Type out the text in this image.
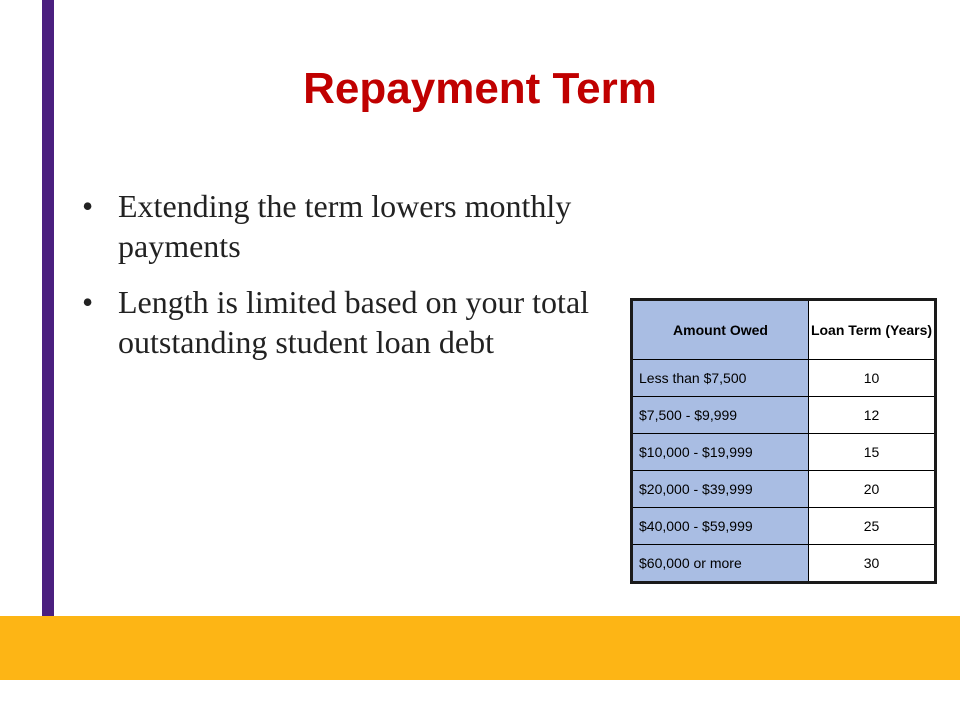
Repayment Term
• Extending the term lowers monthly payments
• Length is limited based on your total outstanding student loan debt	Amount Owed	Loan Term (Years)
Less than $7,500	10
$7,500 - $9,999	12
$10,000 - $19,999	15
$20,000 - $39,999	20
$40,000 - $59,999	25
$60,000 or more	30
